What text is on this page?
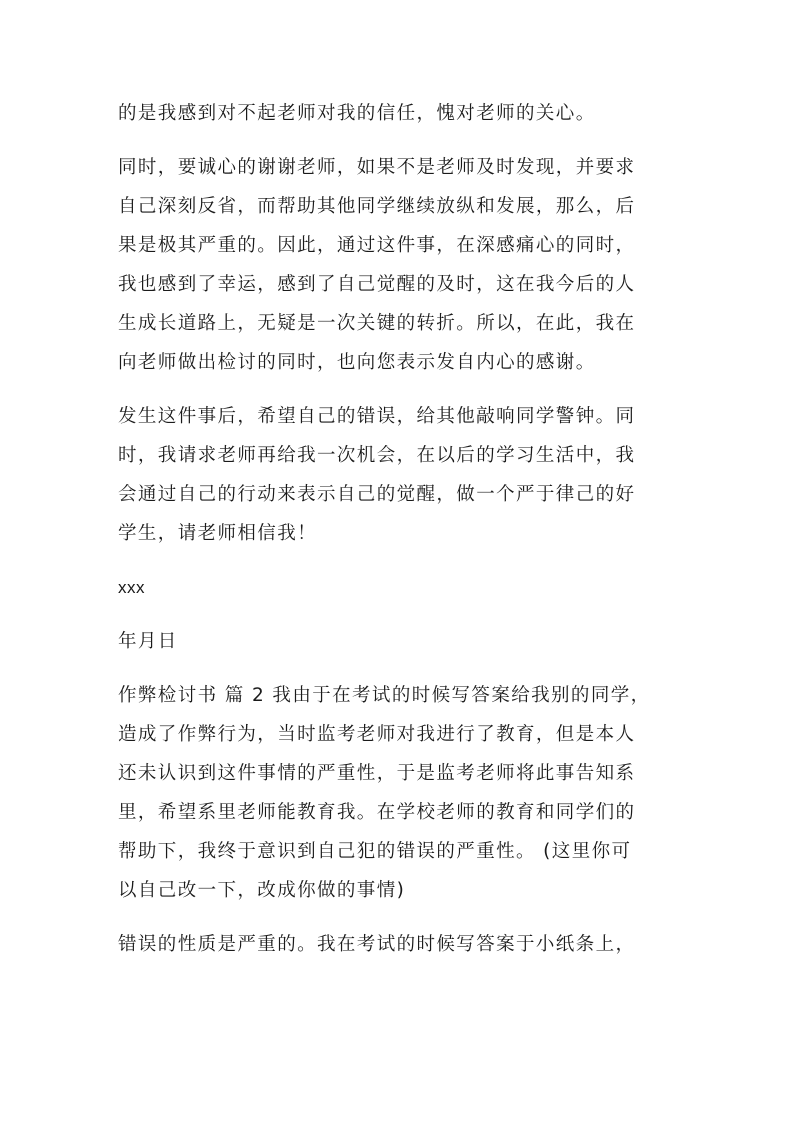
的是我感到对不起老师对我的信任，愧对老师的关心。

同时，要诚心的谢谢老师，如果不是老师及时发现，并要求
自己深刻反省，而帮助其他同学继续放纵和发展，那么，后
果是极其严重的。因此，通过这件事，在深感痛心的同时，
我也感到了幸运，感到了自己觉醒的及时，这在我今后的人
生成长道路上，无疑是一次关键的转折。所以，在此，我在
向老师做出检讨的同时，也向您表示发自内心的感谢。

发生这件事后，希望自己的错误，给其他敲响同学警钟。同
时，我请求老师再给我一次机会，在以后的学习生活中，我
会通过自己的行动来表示自己的觉醒，做一个严于律己的好
学生，请老师相信我！

xxx

年月日

作弊检讨书 篇 2 我由于在考试的时候写答案给我别的同学，
造成了作弊行为，当时监考老师对我进行了教育，但是本人
还未认识到这件事情的严重性，于是监考老师将此事告知系
里，希望系里老师能教育我。在学校老师的教育和同学们的
帮助下，我终于意识到自己犯的错误的严重性。 (这里你可
以自己改一下，改成你做的事情)

错误的性质是严重的。我在考试的时候写答案于小纸条上，
